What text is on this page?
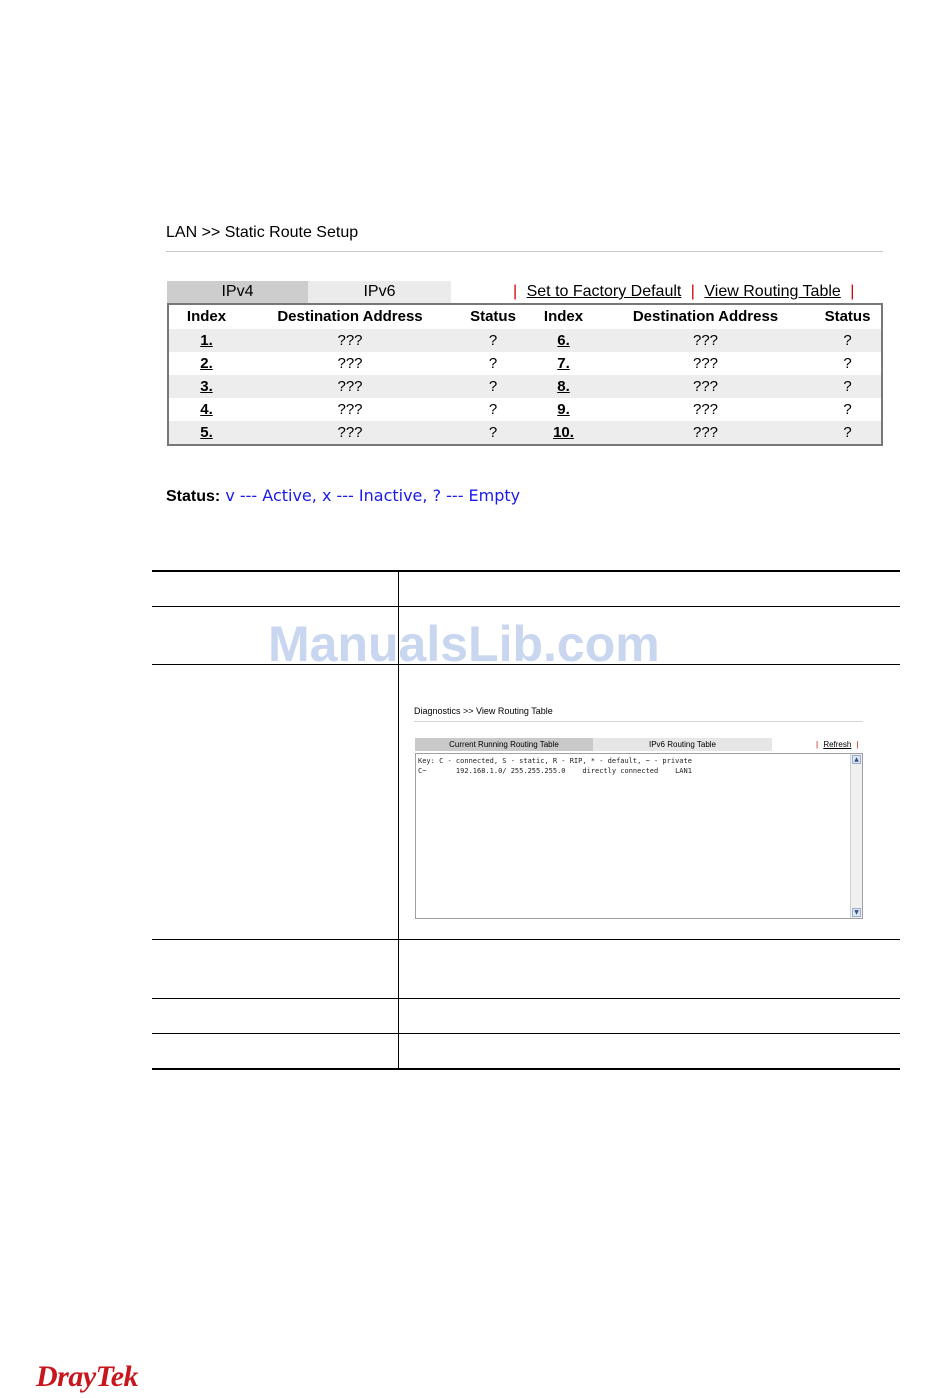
LAN >> Static Route Setup
IPv4	IPv6	| Set to Factory Default | View Routing Table |
Index	Destination Address	Status	Index	Destination Address	Status
1.	???	?	6.	???	?
2.	???	?	7.	???	?
3.	???	?	8.	???	?
4.	???	?	9.	???	?
5.	???	?	10.	???	?
Status: v --- Active, x --- Inactive, ? --- Empty
ManualsLib.com
Diagnostics >> View Routing Table
Current Running Routing Table	IPv6 Routing Table	| Refresh |
Key: C - connected, S - static, R - RIP, * - default, ~ - private
C~       192.168.1.0/ 255.255.255.0    directly connected    LAN1
▲
▼
DrayTek
